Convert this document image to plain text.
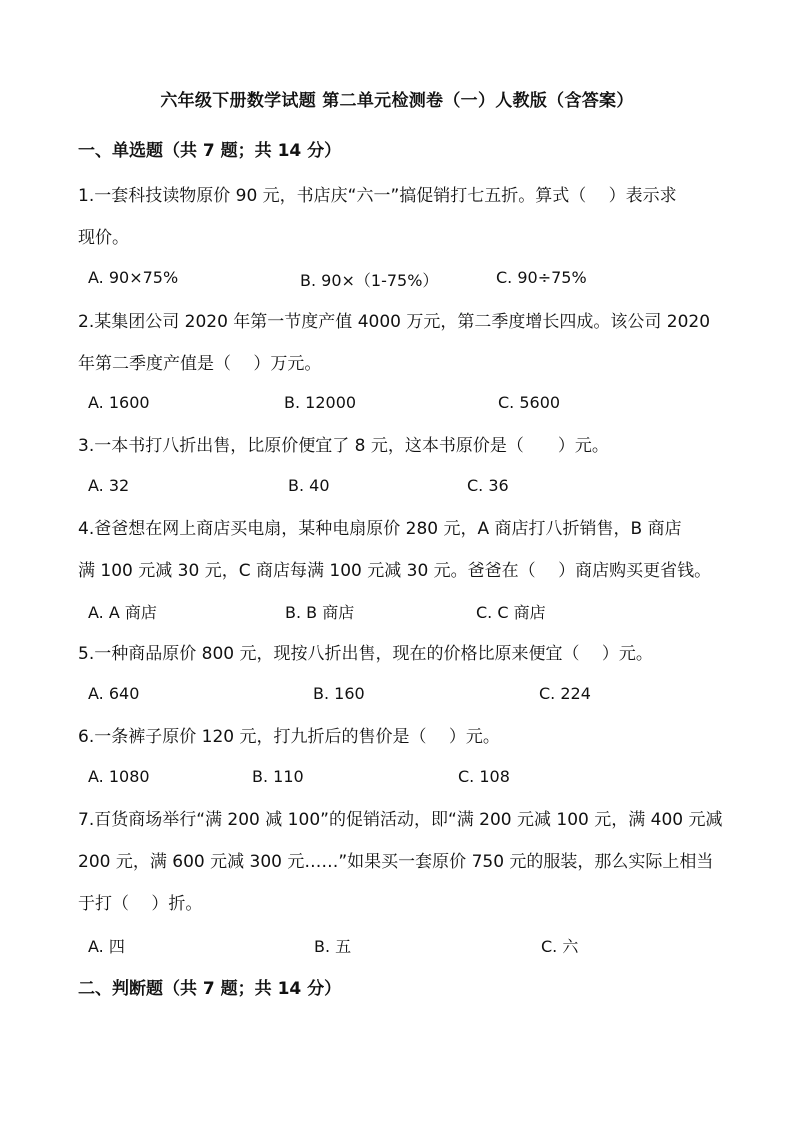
六年级下册数学试题 第二单元检测卷（一）人教版（含答案）
一、单选题（共 7 题；共 14 分）
1.一套科技读物原价 90 元，书店庆“六一”搞促销打七五折。算式（　 ）表示求
现价。
A. 90×75%	B. 90×（1-75%）	C. 90÷75%
2.某集团公司 2020 年第一节度产值 4000 万元，第二季度增长四成。该公司 2020
年第二季度产值是（　 ）万元。
A. 1600	B. 12000	C. 5600
3.一本书打八折出售，比原价便宜了 8 元，这本书原价是（　　）元。
A. 32	B. 40	C. 36
4.爸爸想在网上商店买电扇，某种电扇原价 280 元，A 商店打八折销售，B 商店
满 100 元减 30 元，C 商店每满 100 元减 30 元。爸爸在（　 ）商店购买更省钱。
A. A 商店	B. B 商店	C. C 商店
5.一种商品原价 800 元，现按八折出售，现在的价格比原来便宜（　 ）元。
A. 640	B. 160	C. 224
6.一条裤子原价 120 元，打九折后的售价是（　 ）元。
A. 1080	B. 110	C. 108
7.百货商场举行“满 200 减 100”的促销活动，即“满 200 元减 100 元，满 400 元减
200 元，满 600 元减 300 元……”如果买一套原价 750 元的服装，那么实际上相当
于打（　 ）折。
A. 四	B. 五	C. 六
二、判断题（共 7 题；共 14 分）
